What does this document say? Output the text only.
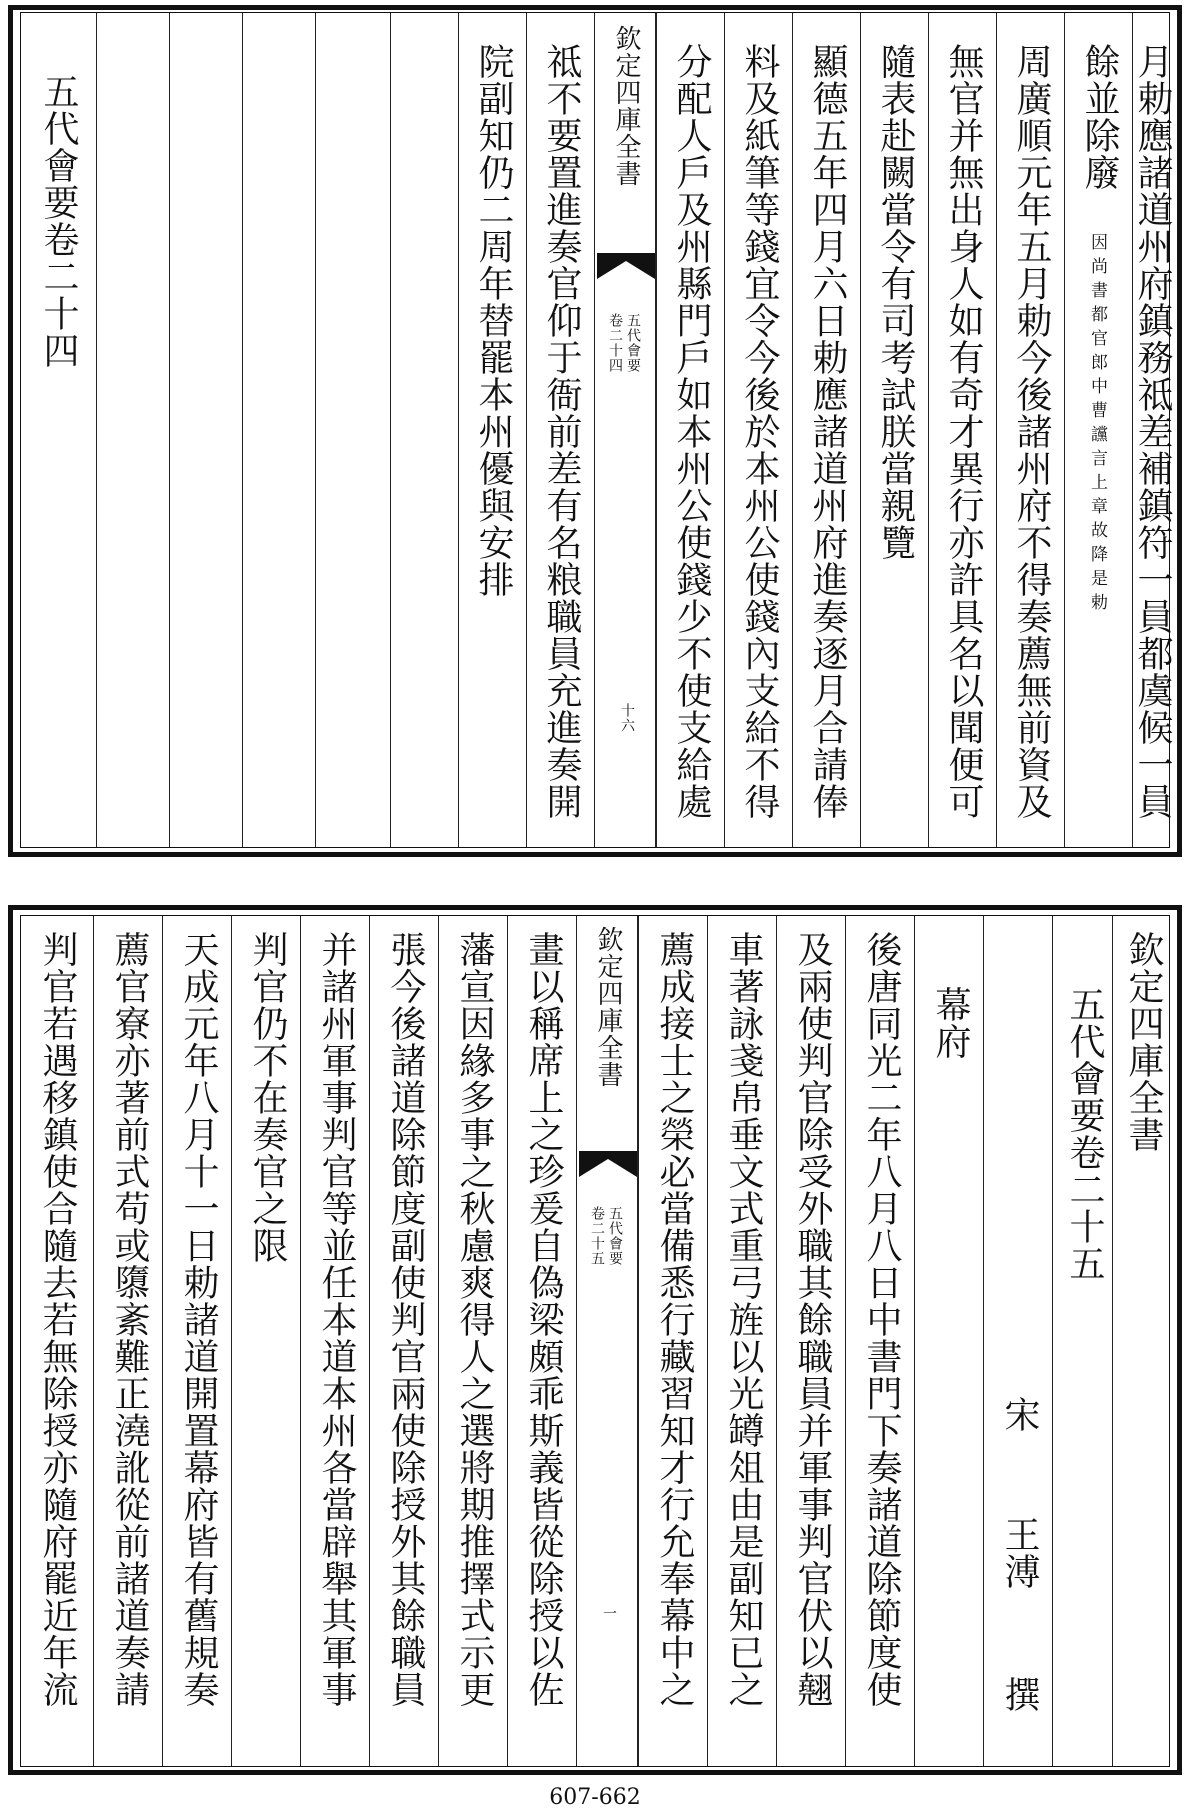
五代會要卷二十四	院副知仍二周年替罷本州優與安排 祗不要置進奏官仰于衙前差有名粮職員充進奏開 欽定四庫全書
五代會要
卷二十四
十六 分配人戶及州縣門戶如本州公使錢少不使支給處 料及紙筆等錢宜令今後於本州公使錢內支給不得 顯德五年四月六日勅應諸道州府進奏逐月合請俸 隨表赴闕當令有司考試朕當親覽 無官并無出身人如有奇才異行亦許具名以聞便可 周廣順元年五月勅今後諸州府不得奏薦無前資及 餘並除廢
因尚書都官郎中曹讜言上章故降是勅 月勅應諸道州府鎮務祗差補鎮符一員都虞候一員
判官若遇移鎮使合隨去若無除授亦隨府罷近年流 薦官寮亦著前式苟或隳紊難正澆訛從前諸道奏請 天成元年八月十一日勅諸道開置幕府皆有舊規奏 判官仍不在奏官之限 并諸州軍事判官等並任本道本州各當辟舉其軍事 張今後諸道除節度副使判官兩使除授外其餘職員 藩宣因緣多事之秋慮爽得人之選將期推擇式示更 畫以稱席上之珍爰自偽梁頗乖斯義皆從除授以佐 欽定四庫全書
五代會要
卷二十五
一 薦成接士之榮必當備悉行藏習知才行允奉幕中之 車著詠戔帛垂文式重弓旌以光罇俎由是副知已之 及兩使判官除受外職其餘職員并軍事判官伏以翹 後唐同光二年八月八日中書門下奏諸道除節度使 幕府
宋
王溥
撰
五代會要卷二十五 欽定四庫全書
607-662
